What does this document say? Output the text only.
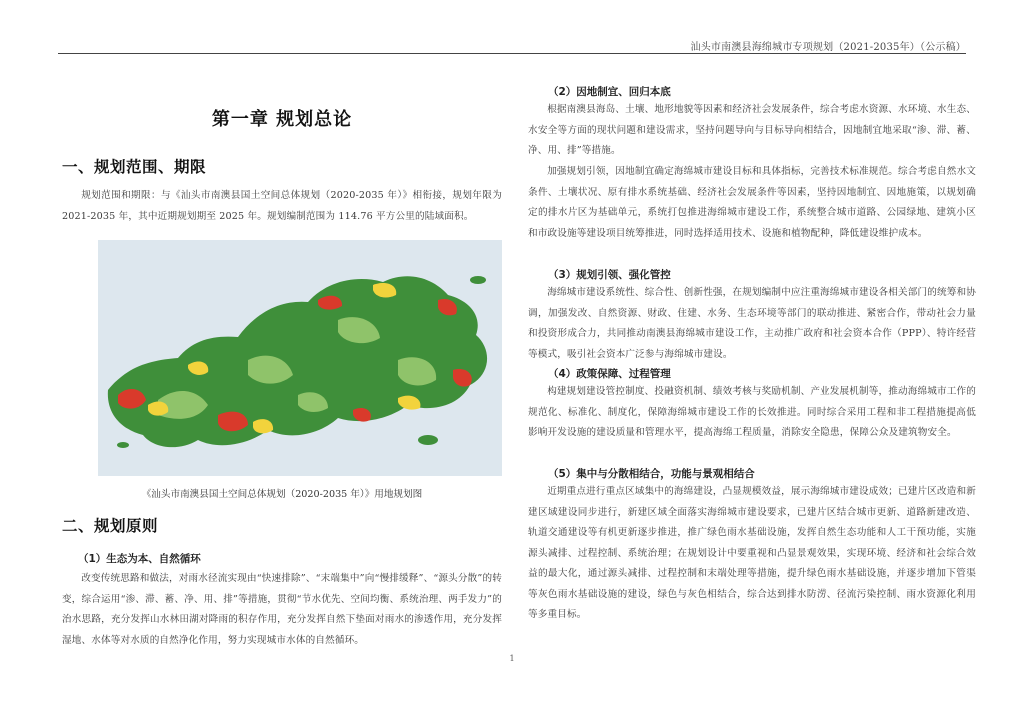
汕头市南澳县海绵城市专项规划（2021-2035年）（公示稿）
第一章 规划总论
一、规划范围、期限

规划范围和期限：与《汕头市南澳县国土空间总体规划（2020-2035 年）》相衔接，规划年限为 2021-2035 年，其中近期规划期至 2025 年。规划编制范围为 114.76 平方公里的陆域面积。

《汕头市南澳县国土空间总体规划（2020-2035 年）》用地规划图
二、规划原则
（1）生态为本、自然循环

改变传统思路和做法，对雨水径流实现由“快速排除”、“末端集中”向“慢排缓释”、“源头分散”的转变，综合运用“渗、滞、蓄、净、用、排”等措施，贯彻“节水优先、空间均衡、系统治理、两手发力”的治水思路，充分发挥山水林田湖对降雨的积存作用，充分发挥自然下垫面对雨水的渗透作用，充分发挥湿地、水体等对水质的自然净化作用，努力实现城市水体的自然循环。

（2）因地制宜、回归本底

根据南澳县海岛、土壤、地形地貌等因素和经济社会发展条件，综合考虑水资源、水环境、水生态、水安全等方面的现状问题和建设需求，坚持问题导向与目标导向相结合，因地制宜地采取“渗、滞、蓄、净、用、排”等措施。

加强规划引领，因地制宜确定海绵城市建设目标和具体指标，完善技术标准规范。综合考虑自然水文条件、土壤状况、原有排水系统基础、经济社会发展条件等因素，坚持因地制宜、因地施策，以规划确定的排水片区为基础单元，系统打包推进海绵城市建设工作，系统整合城市道路、公园绿地、建筑小区和市政设施等建设项目统筹推进，同时选择适用技术、设施和植物配种，降低建设维护成本。

（3）规划引领、强化管控

海绵城市建设系统性、综合性、创新性强，在规划编制中应注重海绵城市建设各相关部门的统筹和协调，加强发改、自然资源、财政、住建、水务、生态环境等部门的联动推进、紧密合作，带动社会力量和投资形成合力，共同推动南澳县海绵城市建设工作，主动推广政府和社会资本合作（PPP）、特许经营等模式，吸引社会资本广泛参与海绵城市建设。

（4）政策保障、过程管理

构建规划建设管控制度、投融资机制、绩效考核与奖励机制、产业发展机制等，推动海绵城市工作的规范化、标准化、制度化，保障海绵城市建设工作的长效推进。同时综合采用工程和非工程措施提高低影响开发设施的建设质量和管理水平，提高海绵工程质量，消除安全隐患，保障公众及建筑物安全。

（5）集中与分散相结合，功能与景观相结合

近期重点进行重点区域集中的海绵建设，凸显规模效益，展示海绵城市建设成效；已建片区改造和新建区域建设同步进行，新建区域全面落实海绵城市建设要求，已建片区结合城市更新、道路新建改造、轨道交通建设等有机更新逐步推进，推广绿色雨水基础设施，发挥自然生态功能和人工干预功能，实施源头减排、过程控制、系统治理；在规划设计中要重视和凸显景观效果，实现环境、经济和社会综合效益的最大化，通过源头减排、过程控制和末端处理等措施，提升绿色雨水基础设施，并逐步增加下管渠等灰色雨水基础设施的建设，绿色与灰色相结合，综合达到排水防涝、径流污染控制、雨水资源化利用等多重目标。

1
